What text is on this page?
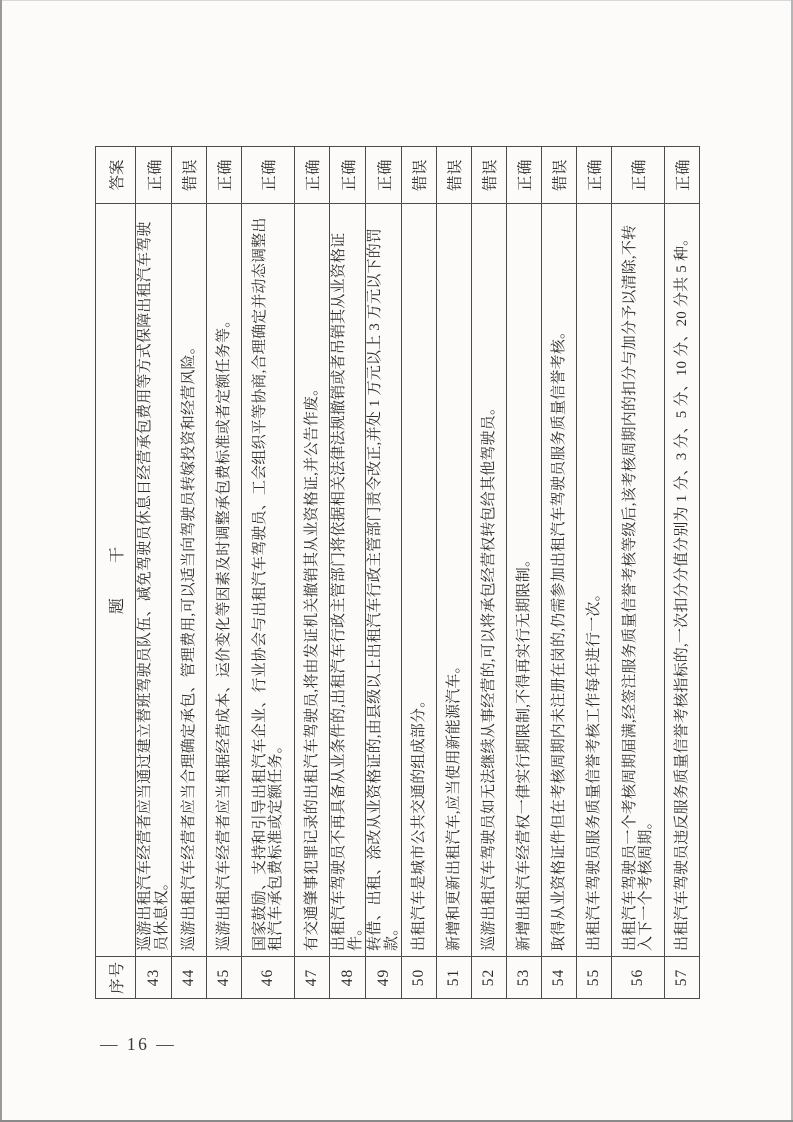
序号	题干	答案
43	巡游出租汽车经营者应当通过建立替班驾驶员队伍、减免驾驶员休息日经营承包费用等方式保障出租汽车驾驶员休息权。	正确
44	巡游出租汽车经营者应当合理确定承包、管理费用,可以适当向驾驶员转嫁投资和经营风险。	错误
45	巡游出租汽车经营者应当根据经营成本、运价变化等因素及时调整承包费标准或者定额任务等。	正确
46	国家鼓励、支持和引导出租汽车企业、行业协会与出租汽车驾驶员、工会组织平等协商,合理确定并动态调整出租汽车承包费标准或定额任务。	正确
47	有交通肇事犯罪记录的出租汽车驾驶员,将由发证机关撤销其从业资格证,并公告作废。	正确
48	出租汽车驾驶员不再具备从业条件的,出租汽车行政主管部门将依据相关法律法规撤销或者吊销其从业资格证件。	正确
49	转借、出租、涂改从业资格证的,由县级以上出租汽车行政主管部门责令改正,并处 1 万元以上 3 万元以下的罚款。	正确
50	出租汽车是城市公共交通的组成部分。	错误
51	新增和更新出租汽车,应当使用新能源汽车。	错误
52	巡游出租汽车驾驶员如无法继续从事经营的,可以将承包经营权转包给其他驾驶员。	错误
53	新增出租汽车经营权一律实行期限制,不得再实行无期限制。	正确
54	取得从业资格证件但在考核周期内未注册在岗的,仍需参加出租汽车驾驶员服务质量信誉考核。	错误
55	出租汽车驾驶员服务质量信誉考核工作每年进行一次。	正确
56	出租汽车驾驶员一个考核周期届满,经签注服务质量信誉考核等级后,该考核周期内的扣分与加分予以清除,不转入下一个考核周期。	正确
57	出租汽车驾驶员违反服务质量信誉考核指标的,一次扣分分值分别为 1 分、3 分、5 分、10 分、20 分共 5 种。	正确
— 16 —
